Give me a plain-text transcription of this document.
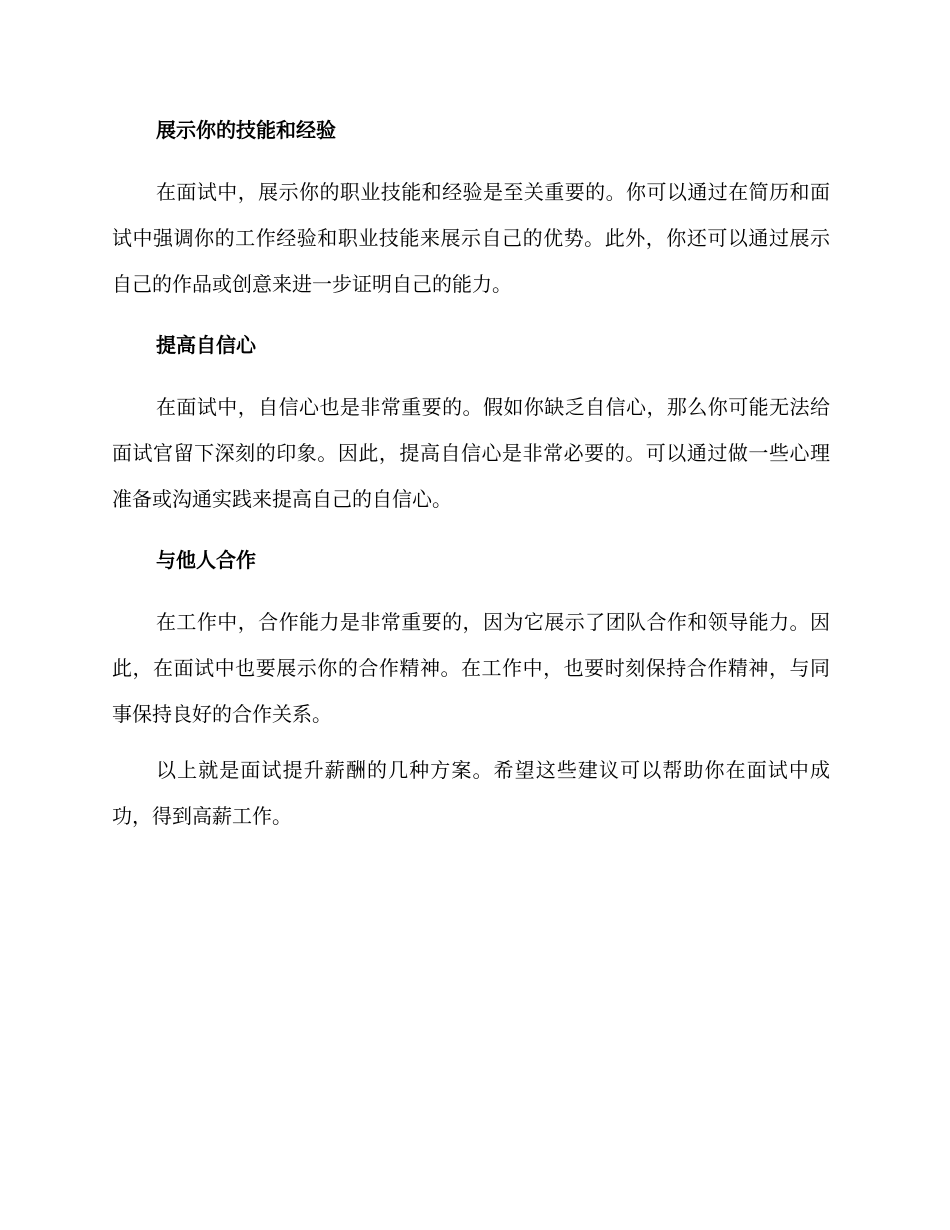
展示你的技能和经验

在面试中，展示你的职业技能和经验是至关重要的。你可以通过在简历和面试中强调你的工作经验和职业技能来展示自己的优势。此外，你还可以通过展示自己的作品或创意来进一步证明自己的能力。

提高自信心

在面试中，自信心也是非常重要的。假如你缺乏自信心，那么你可能无法给面试官留下深刻的印象。因此，提高自信心是非常必要的。可以通过做一些心理准备或沟通实践来提高自己的自信心。

与他人合作

在工作中，合作能力是非常重要的，因为它展示了团队合作和领导能力。因此，在面试中也要展示你的合作精神。在工作中，也要时刻保持合作精神，与同事保持良好的合作关系。

以上就是面试提升薪酬的几种方案。希望这些建议可以帮助你在面试中成功，得到高薪工作。
